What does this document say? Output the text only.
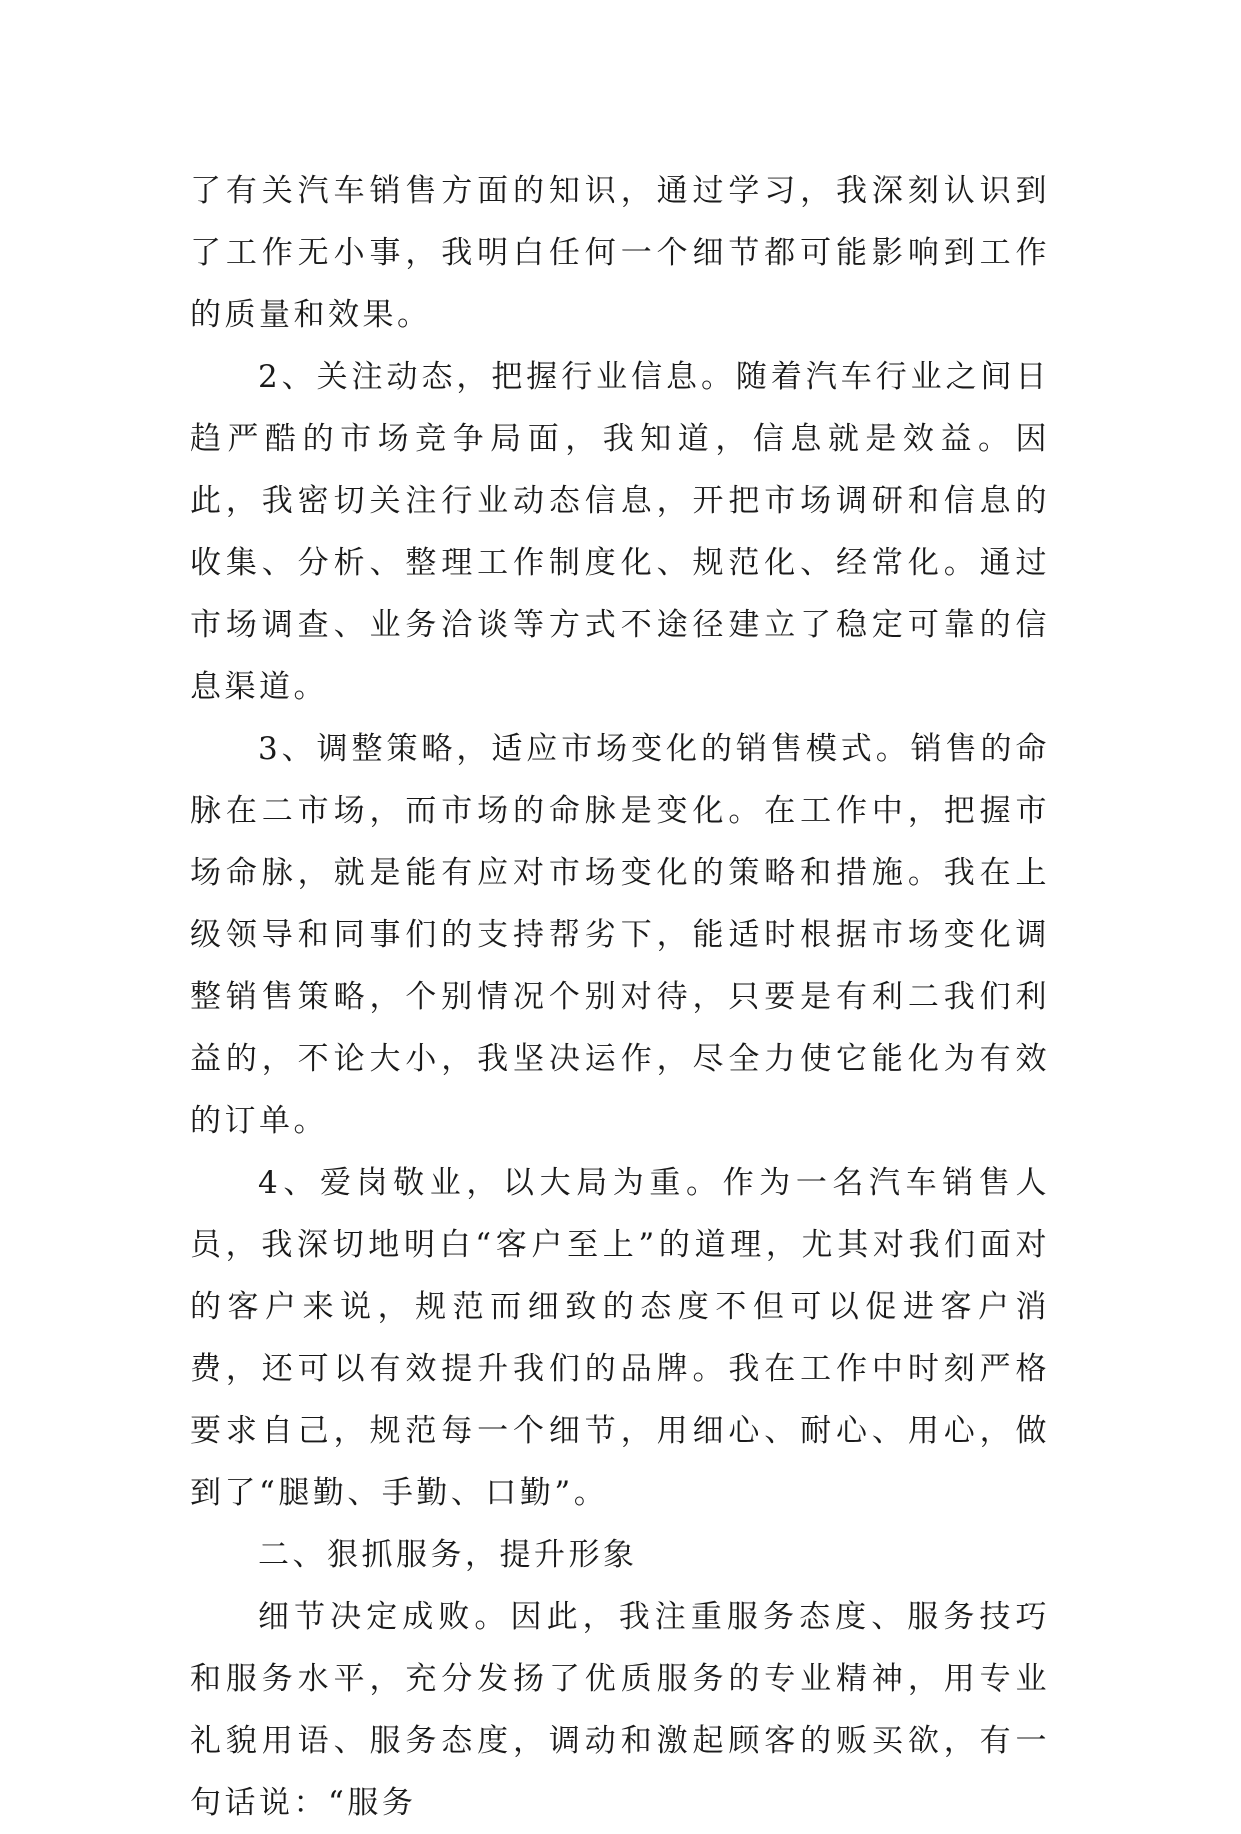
了有关汽车销售方面的知识，通过学习，我深刻认识到了工作无小事，我明白任何一个细节都可能影响到工作的质量和效果。

2、关注动态，把握行业信息。随着汽车行业之间日趋严酷的市场竞争局面，我知道，信息就是效益。因此，我密切关注行业动态信息，开把市场调研和信息的收集、分析、整理工作制度化、规范化、经常化。通过市场调查、业务洽谈等方式不途径建立了稳定可靠的信息渠道。

3、调整策略，适应市场变化的销售模式。销售的命脉在二市场，而市场的命脉是变化。在工作中，把握市场命脉，就是能有应对市场变化的策略和措施。我在上级领导和同事们的支持帮劣下，能适时根据市场变化调整销售策略，个别情况个别对待，只要是有利二我们利益的，不论大小，我坚决运作，尽全力使它能化为有效的订单。

4、爱岗敬业，以大局为重。作为一名汽车销售人员，我深切地明白“客户至上”的道理，尤其对我们面对的客户来说，规范而细致的态度不但可以促进客户消费，还可以有效提升我们的品牌。我在工作中时刻严格要求自己，规范每一个细节，用细心、耐心、用心，做到了“腿勤、手勤、口勤”。

二、狠抓服务，提升形象

细节决定成败。因此，我注重服务态度、服务技巧和服务水平，充分发扬了优质服务的专业精神，用专业礼貌用语、服务态度，调动和激起顾客的贩买欲，有一句话说：“服务
